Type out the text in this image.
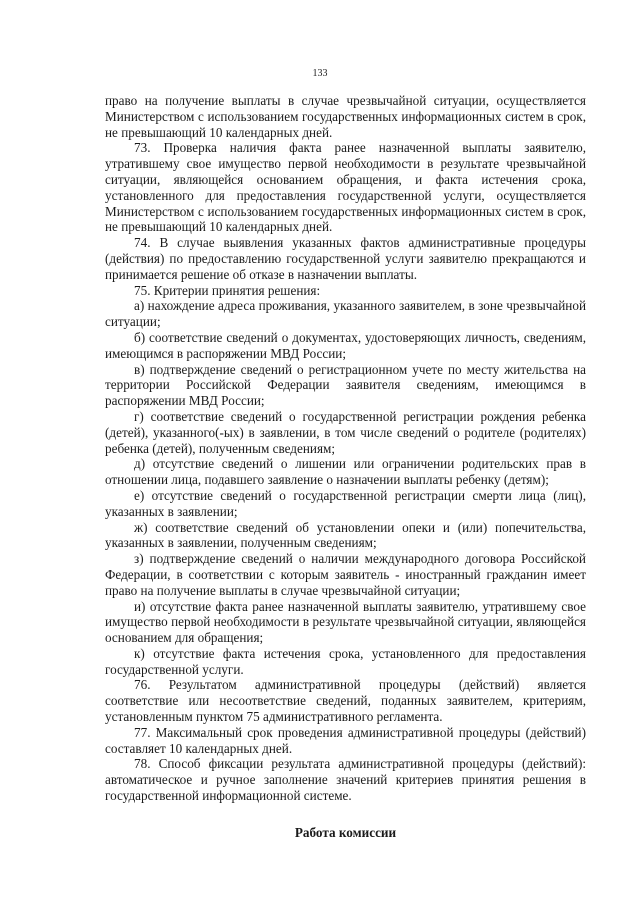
133

право на получение выплаты в случае чрезвычайной ситуации, осуществляется Министерством с использованием государственных информационных систем в срок, не превышающий 10 календарных дней.

73. Проверка наличия факта ранее назначенной выплаты заявителю, утратившему свое имущество первой необходимости в результате чрезвычайной ситуации, являющейся основанием обращения, и факта истечения срока, установленного для предоставления государственной услуги, осуществляется Министерством с использованием государственных информационных систем в срок, не превышающий 10 календарных дней.

74. В случае выявления указанных фактов административные процедуры (действия) по предоставлению государственной услуги заявителю прекращаются и принимается решение об отказе в назначении выплаты.

75. Критерии принятия решения:

а) нахождение адреса проживания, указанного заявителем, в зоне чрезвычайной ситуации;

б) соответствие сведений о документах, удостоверяющих личность, сведениям, имеющимся в распоряжении МВД России;

в) подтверждение сведений о регистрационном учете по месту жительства на территории Российской Федерации заявителя сведениям, имеющимся в распоряжении МВД России;

г) соответствие сведений о государственной регистрации рождения ребенка (детей), указанного(-ых) в заявлении, в том числе сведений о родителе (родителях) ребенка (детей), полученным сведениям;

д) отсутствие сведений о лишении или ограничении родительских прав в отношении лица, подавшего заявление о назначении выплаты ребенку (детям);

е) отсутствие сведений о государственной регистрации смерти лица (лиц), указанных в заявлении;

ж) соответствие сведений об установлении опеки и (или) попечительства, указанных в заявлении, полученным сведениям;

з) подтверждение сведений о наличии международного договора Российской Федерации, в соответствии с которым заявитель - иностранный гражданин имеет право на получение выплаты в случае чрезвычайной ситуации;

и) отсутствие факта ранее назначенной выплаты заявителю, утратившему свое имущество первой необходимости в результате чрезвычайной ситуации, являющейся основанием для обращения;

к) отсутствие факта истечения срока, установленного для предоставления государственной услуги.

76. Результатом административной процедуры (действий) является соответствие или несоответствие сведений, поданных заявителем, критериям, установленным пунктом 75 административного регламента.

77. Максимальный срок проведения административной процедуры (действий) составляет 10 календарных дней.

78. Способ фиксации результата административной процедуры (действий): автоматическое и ручное заполнение значений критериев принятия решения в государственной информационной системе.

Работа комиссии
